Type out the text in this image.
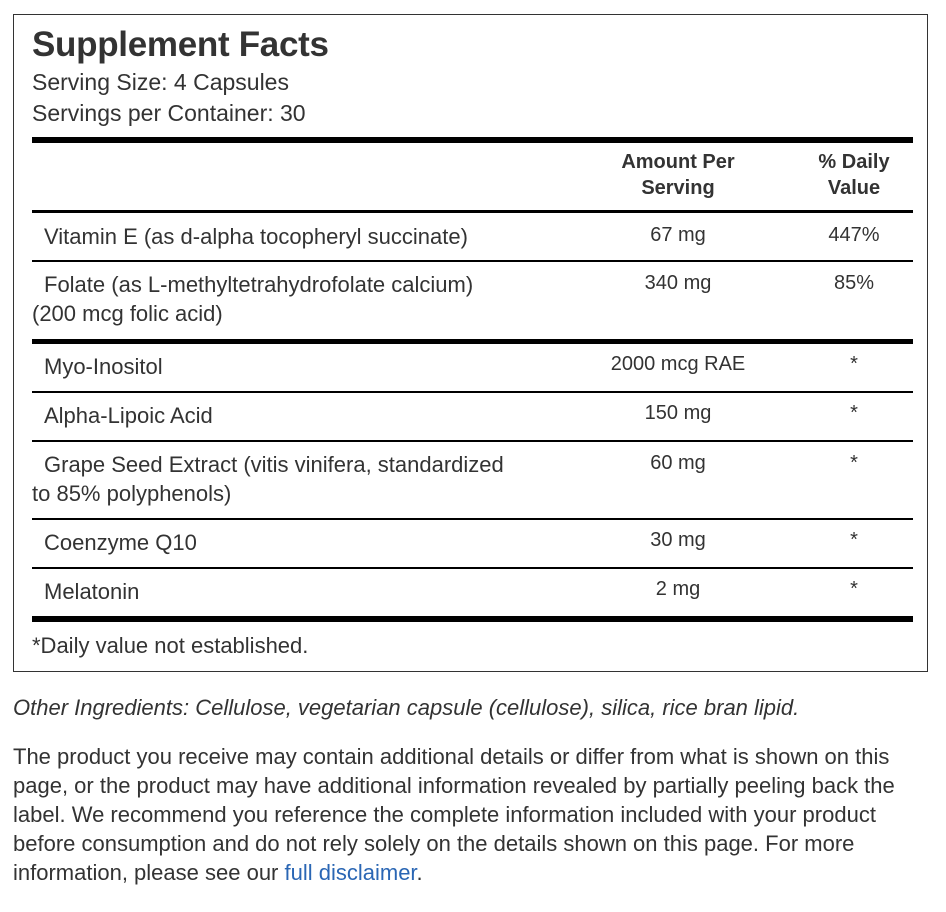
Supplement Facts
Serving Size: 4 Capsules
Servings per Container: 30
Amount Per
Serving
% Daily
Value
Vitamin E (as d-alpha tocopheryl succinate)	67 mg	447%
Folate (as L-methyltetrahydrofolate calcium)
(200 mcg folic acid)
340 mg	85%
Myo-Inositol	2000 mcg RAE	*
Alpha-Lipoic Acid	150 mg	*
Grape Seed Extract (vitis vinifera, standardized
to 85% polyphenols)
60 mg	*
Coenzyme Q10	30 mg	*
Melatonin	2 mg	*
*Daily value not established.
Other Ingredients: Cellulose, vegetarian capsule (cellulose), silica, rice bran lipid.
The product you receive may contain additional details or differ from what is shown on this page, or the product may have additional information revealed by partially peeling back the label. We recommend you reference the complete information included with your product before consumption and do not rely solely on the details shown on this page. For more information, please see our full disclaimer.
